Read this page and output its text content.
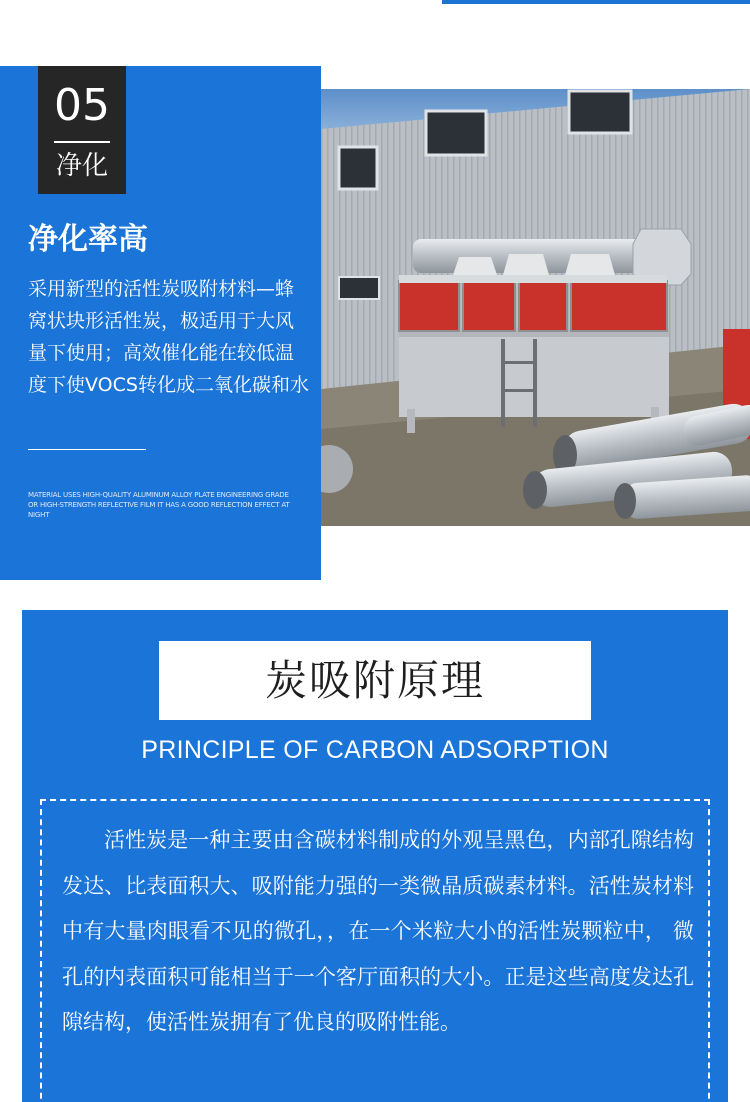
05
净化
净化率高

采用新型的活性炭吸附材料—蜂窝状块形活性炭，极适用于大风量下使用；高效催化能在较低温度下使VOCS转化成二氧化碳和水

MATERIAL USES HIGH-QUALITY ALUMINUM ALLOY PLATE ENGINEERING GRADE OR HIGH-STRENGTH REFLECTIVE FILM IT HAS A GOOD REFLECTION EFFECT AT NIGHT

炭吸附原理
PRINCIPLE OF CARBON ADSORPTION

活性炭是一种主要由含碳材料制成的外观呈黑色，内部孔隙结构发达、比表面积大、吸附能力强的一类微晶质碳素材料。活性炭材料中有大量肉眼看不见的微孔，，在一个米粒大小的活性炭颗粒中， 微孔的内表面积可能相当于一个客厅面积的大小。正是这些高度发达孔隙结构，使活性炭拥有了优良的吸附性能。
